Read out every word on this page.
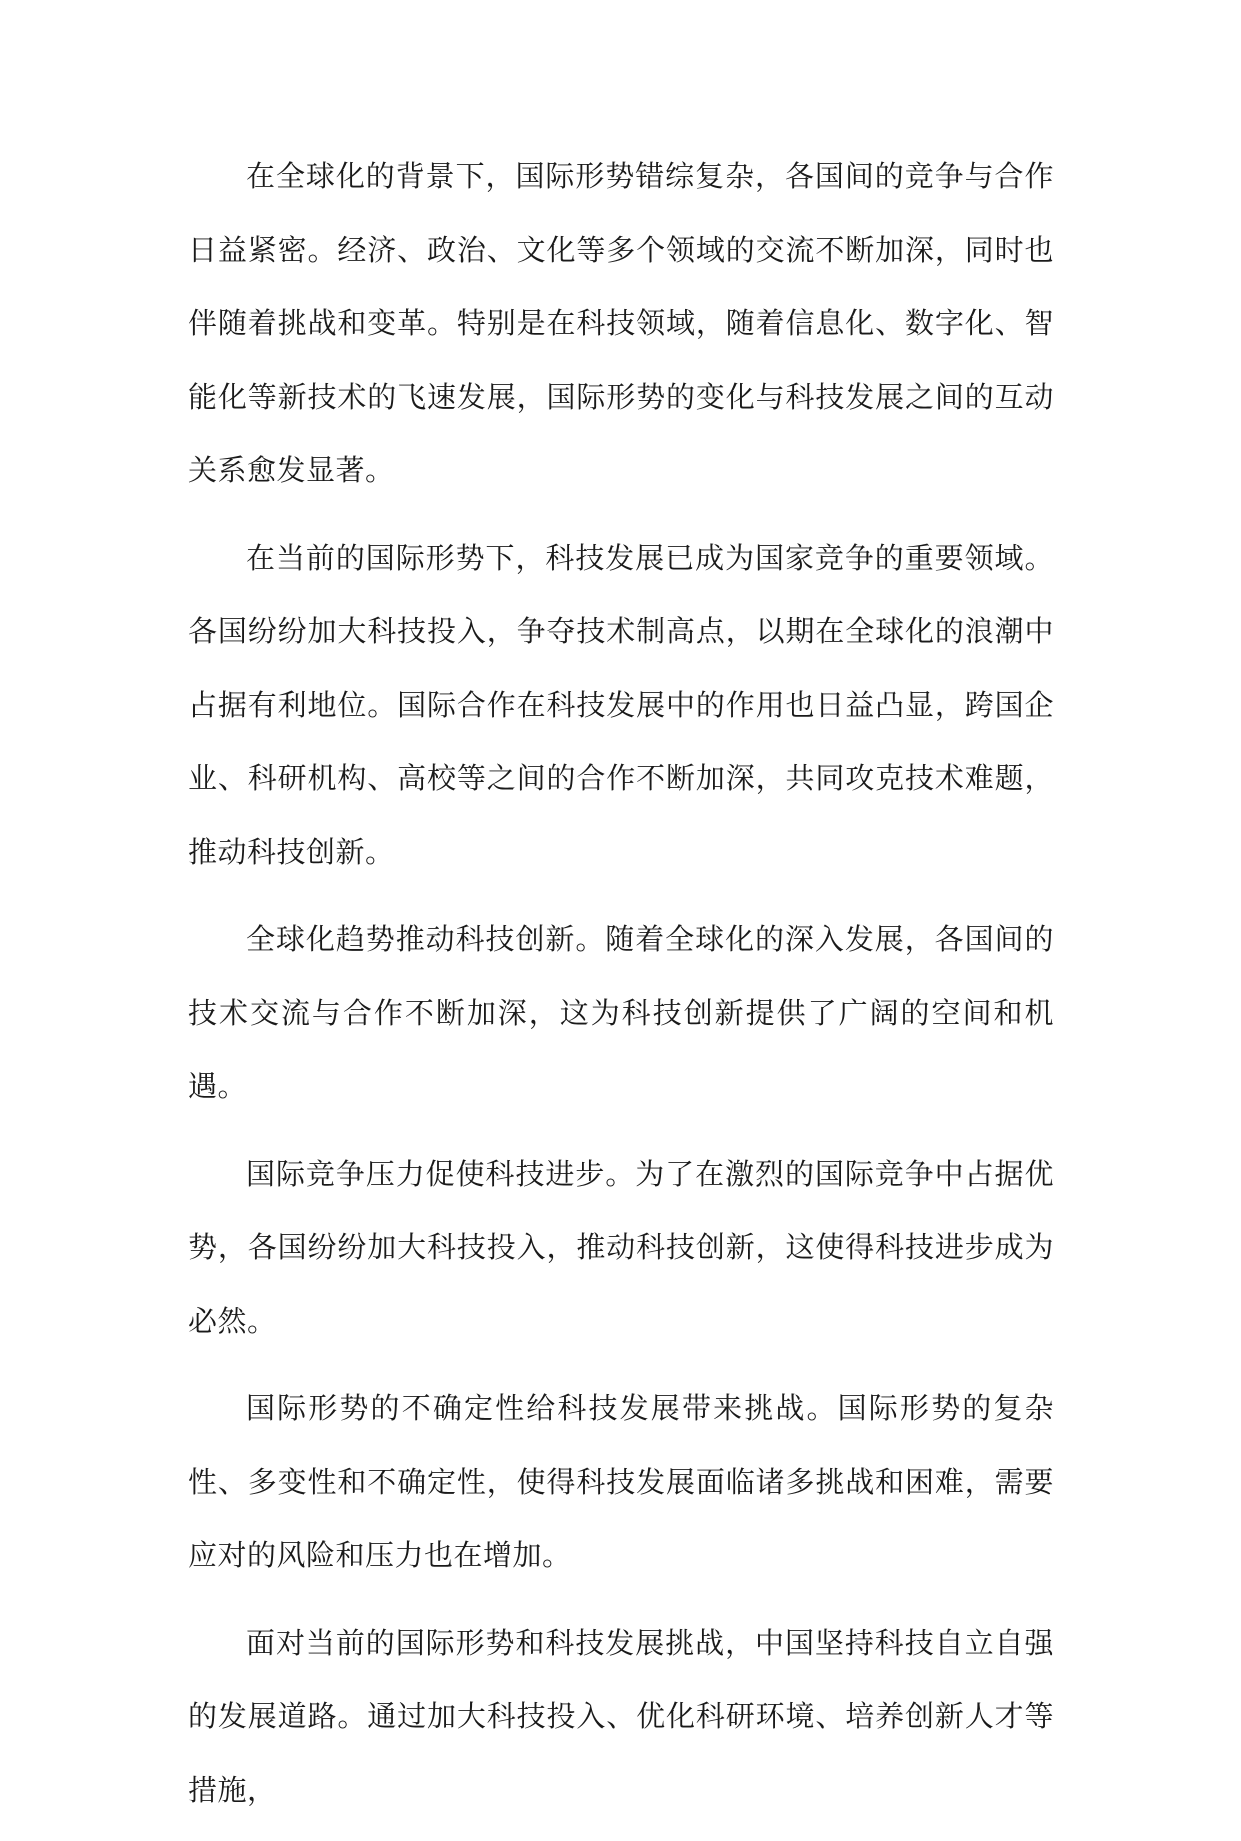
在全球化的背景下，国际形势错综复杂，各国间的竞争与合作日益紧密。经济、政治、文化等多个领域的交流不断加深，同时也伴随着挑战和变革。特别是在科技领域，随着信息化、数字化、智能化等新技术的飞速发展，国际形势的变化与科技发展之间的互动关系愈发显著。

在当前的国际形势下，科技发展已成为国家竞争的重要领域。各国纷纷加大科技投入，争夺技术制高点，以期在全球化的浪潮中占据有利地位。国际合作在科技发展中的作用也日益凸显，跨国企业、科研机构、高校等之间的合作不断加深，共同攻克技术难题，推动科技创新。

全球化趋势推动科技创新。随着全球化的深入发展，各国间的技术交流与合作不断加深，这为科技创新提供了广阔的空间和机遇。

国际竞争压力促使科技进步。为了在激烈的国际竞争中占据优势，各国纷纷加大科技投入，推动科技创新，这使得科技进步成为必然。

国际形势的不确定性给科技发展带来挑战。国际形势的复杂性、多变性和不确定性，使得科技发展面临诸多挑战和困难，需要应对的风险和压力也在增加。

面对当前的国际形势和科技发展挑战，中国坚持科技自立自强的发展道路。通过加大科技投入、优化科研环境、培养创新人才等措施，
